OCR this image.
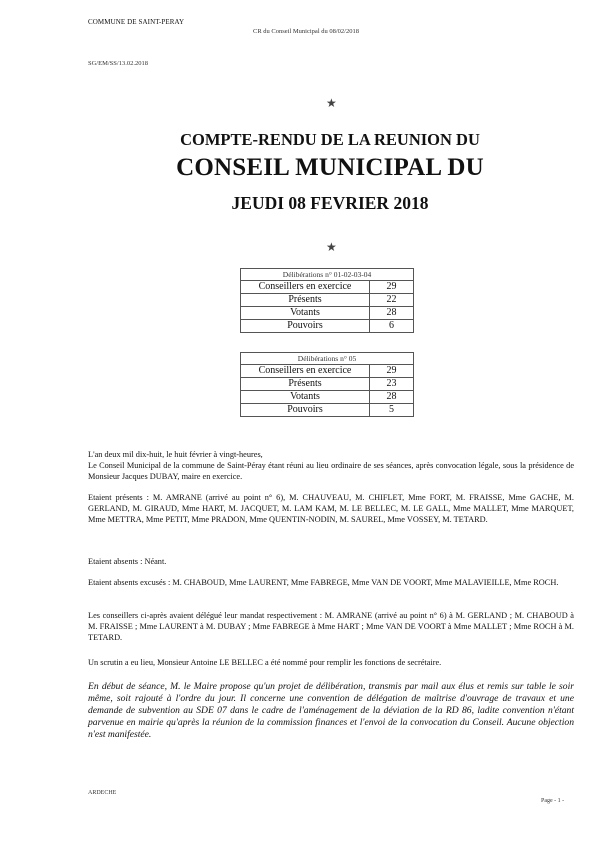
COMMUNE DE SAINT-PERAY
CR du Conseil Municipal du 08/02/2018
SG/EM/SS/13.02.2018
★
COMPTE-RENDU DE LA REUNION DU
CONSEIL MUNICIPAL DU
JEUDI 08 FEVRIER 2018
★
Délibérations n° 01-02-03-04	
Conseillers en exercice	29
Présents	22
Votants	28
Pouvoirs	6
Délibérations n° 05	
Conseillers en exercice	29
Présents	23
Votants	28
Pouvoirs	5
L'an deux mil dix-huit, le huit février à vingt-heures,
Le Conseil Municipal de la commune de Saint-Péray étant réuni au lieu ordinaire de ses séances, après convocation légale, sous la présidence de Monsieur Jacques DUBAY, maire en exercice.
Etaient présents : M. AMRANE (arrivé au point n° 6), M. CHAUVEAU, M. CHIFLET, Mme FORT, M. FRAISSE, Mme GACHE, M. GERLAND, M. GIRAUD, Mme HART, M. JACQUET, M. LAM KAM, M. LE BELLEC, M. LE GALL, Mme MALLET, Mme MARQUET, Mme METTRA, Mme PETIT, Mme PRADON, Mme QUENTIN-NODIN, M. SAUREL, Mme VOSSEY, M. TETARD.
Etaient absents : Néant.
Etaient absents excusés : M. CHABOUD, Mme LAURENT, Mme FABREGE, Mme VAN DE VOORT, Mme MALAVIEILLE, Mme ROCH.
Les conseillers ci-après avaient délégué leur mandat respectivement : M. AMRANE (arrivé au point n° 6) à M. GERLAND ; M. CHABOUD à M. FRAISSE ; Mme LAURENT à M. DUBAY ; Mme FABREGE à Mme HART ; Mme VAN DE VOORT à Mme MALLET ; Mme ROCH à M. TETARD.
Un scrutin a eu lieu, Monsieur Antoine LE BELLEC a été nommé pour remplir les fonctions de secrétaire.
En début de séance, M. le Maire propose qu'un projet de délibération, transmis par mail aux élus et remis sur table le soir même, soit rajouté à l'ordre du jour. Il concerne une convention de délégation de maîtrise d'ouvrage de travaux et une demande de subvention au SDE 07 dans le cadre de l'aménagement de la déviation de la RD 86, ladite convention n'étant parvenue en mairie qu'après la réunion de la commission finances et l'envoi de la convocation du Conseil. Aucune objection n'est manifestée.
ARDECHE
Page - 1 -
